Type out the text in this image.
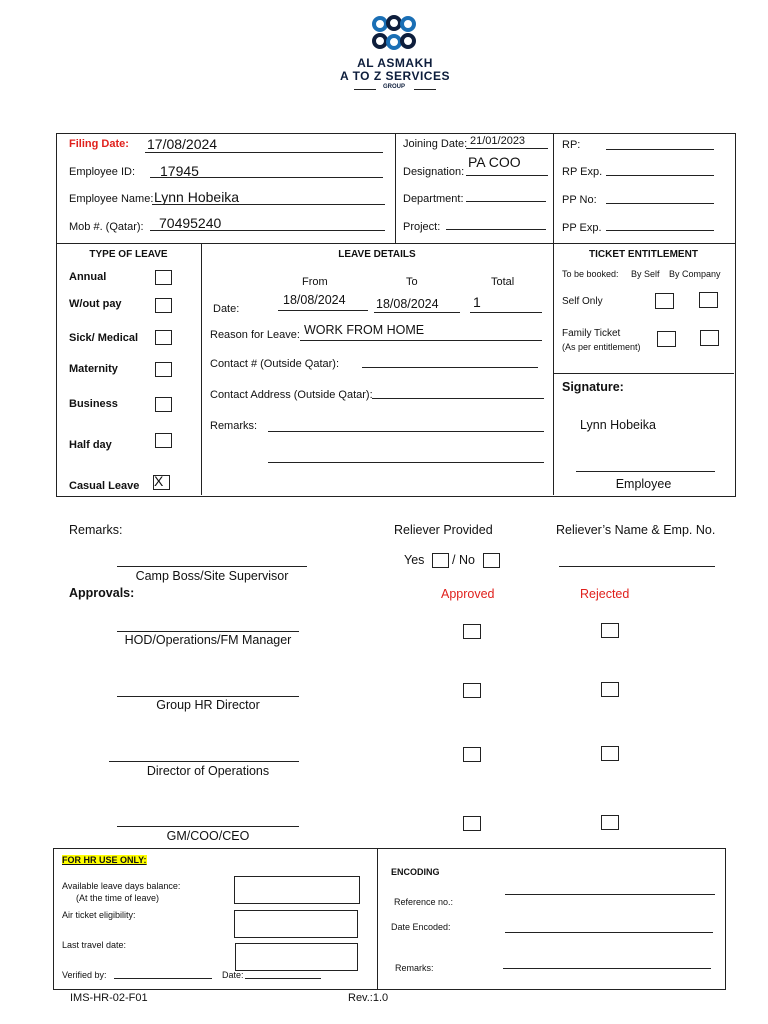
AL ASMAKH
A TO Z SERVICES
GROUP
Filing Date: 17/08/2024
Employee ID: 17945
Employee Name: Lynn Hobeika
Mob #. (Qatar): 70495240
Joining Date: 21/01/2023
Designation:
PA COO
Department:
Project:
RP:
RP Exp.
PP No:
PP Exp.
TYPE OF LEAVE
Annual
W/out pay
Sick/ Medical
Maternity
Business
Half day
Casual Leave X
LEAVE DETAILS
From	To	Total
Date:
18/08/2024 18/08/2024 1
Reason for Leave: WORK FROM HOME
Contact # (Outside Qatar):
Contact Address (Outside Qatar):
Remarks:
TICKET ENTITLEMENT
To be booked: By Self By Company
Self Only
Family Ticket
(As per entitlement)
Signature:
Lynn Hobeika
Employee
Remarks:	Reliever Provided	Reliever’s Name & Emp. No.
Yes / No
Camp Boss/Site Supervisor
Approvals:	Approved	Rejected
HOD/Operations/FM Manager
Group HR Director
Director of Operations
GM/COO/CEO
FOR HR USE ONLY:
Available leave days balance:
(At the time of leave)
Air ticket eligibility:
Last travel date:
Verified by:	Date:
ENCODING
Reference no.:
Date Encoded:
Remarks:
IMS-HR-02-F01	Rev.:1.0
